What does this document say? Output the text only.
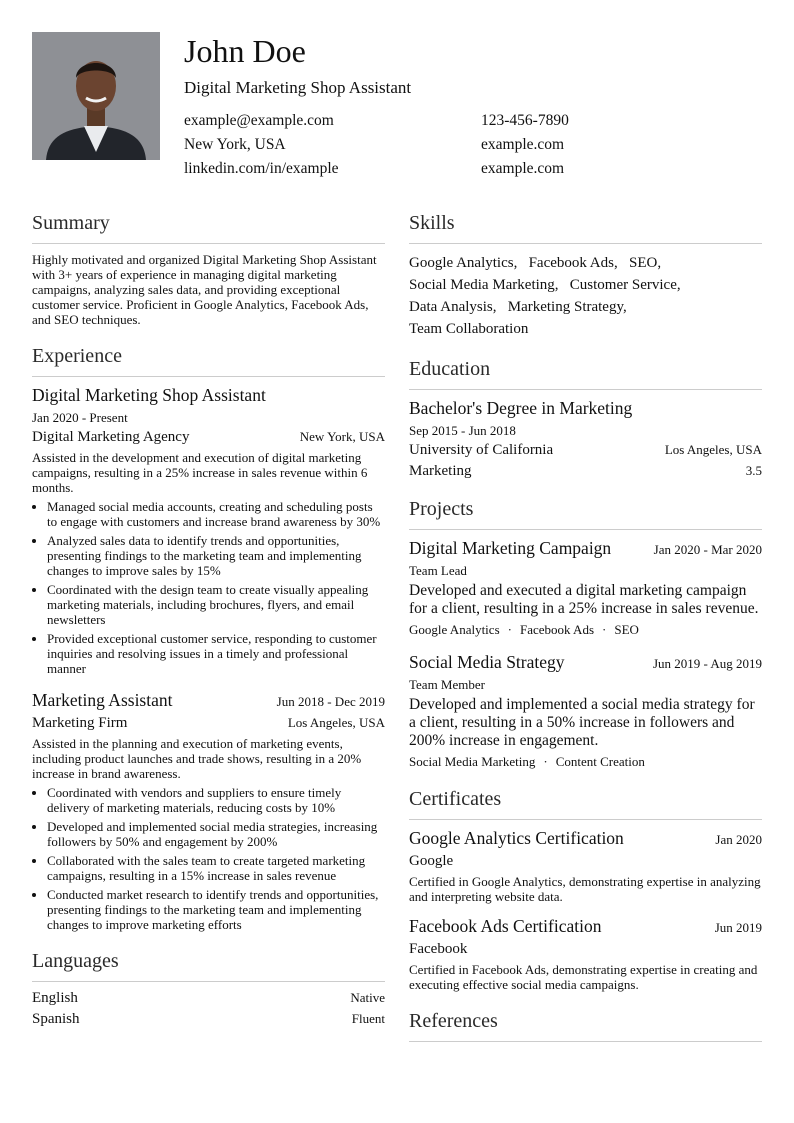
John Doe
Digital Marketing Shop Assistant
example@example.com	123-456-7890
New York, USA	example.com
linkedin.com/in/example	example.com
Summary
Highly motivated and organized Digital Marketing Shop Assistant with 3+ years of experience in managing digital marketing campaigns, analyzing sales data, and providing exceptional customer service. Proficient in Google Analytics, Facebook Ads, and SEO techniques.
Experience
Digital Marketing Shop Assistant
Jan 2020 - Present
Digital Marketing Agency	New York, USA
Assisted in the development and execution of digital marketing campaigns, resulting in a 25% increase in sales revenue within 6 months.
• Managed social media accounts, creating and scheduling posts to engage with customers and increase brand awareness by 30%
• Analyzed sales data to identify trends and opportunities, presenting findings to the marketing team and implementing changes to improve sales by 15%
• Coordinated with the design team to create visually appealing marketing materials, including brochures, flyers, and email newsletters
• Provided exceptional customer service, responding to customer inquiries and resolving issues in a timely and professional manner
Marketing Assistant	Jun 2018 - Dec 2019
Marketing Firm	Los Angeles, USA
Assisted in the planning and execution of marketing events, including product launches and trade shows, resulting in a 20% increase in brand awareness.
• Coordinated with vendors and suppliers to ensure timely delivery of marketing materials, reducing costs by 10%
• Developed and implemented social media strategies, increasing followers by 50% and engagement by 200%
• Collaborated with the sales team to create targeted marketing campaigns, resulting in a 15% increase in sales revenue
• Conducted market research to identify trends and opportunities, presenting findings to the marketing team and implementing changes to improve marketing efforts
Languages
English	Native
Spanish	Fluent
Skills
Google Analytics,   Facebook Ads,   SEO,
Social Media Marketing,   Customer Service,
Data Analysis,   Marketing Strategy,
Team Collaboration
Education
Bachelor's Degree in Marketing
Sep 2015 - Jun 2018
University of California	Los Angeles, USA
Marketing	3.5
Projects
Digital Marketing Campaign	Jan 2020 - Mar 2020
Team Lead
Developed and executed a digital marketing campaign for a client, resulting in a 25% increase in sales revenue.
Google Analytics · Facebook Ads · SEO
Social Media Strategy	Jun 2019 - Aug 2019
Team Member
Developed and implemented a social media strategy for a client, resulting in a 50% increase in followers and 200% increase in engagement.
Social Media Marketing · Content Creation
Certificates
Google Analytics Certification	Jan 2020
Google
Certified in Google Analytics, demonstrating expertise in analyzing and interpreting website data.
Facebook Ads Certification	Jun 2019
Facebook
Certified in Facebook Ads, demonstrating expertise in creating and executing effective social media campaigns.
References
